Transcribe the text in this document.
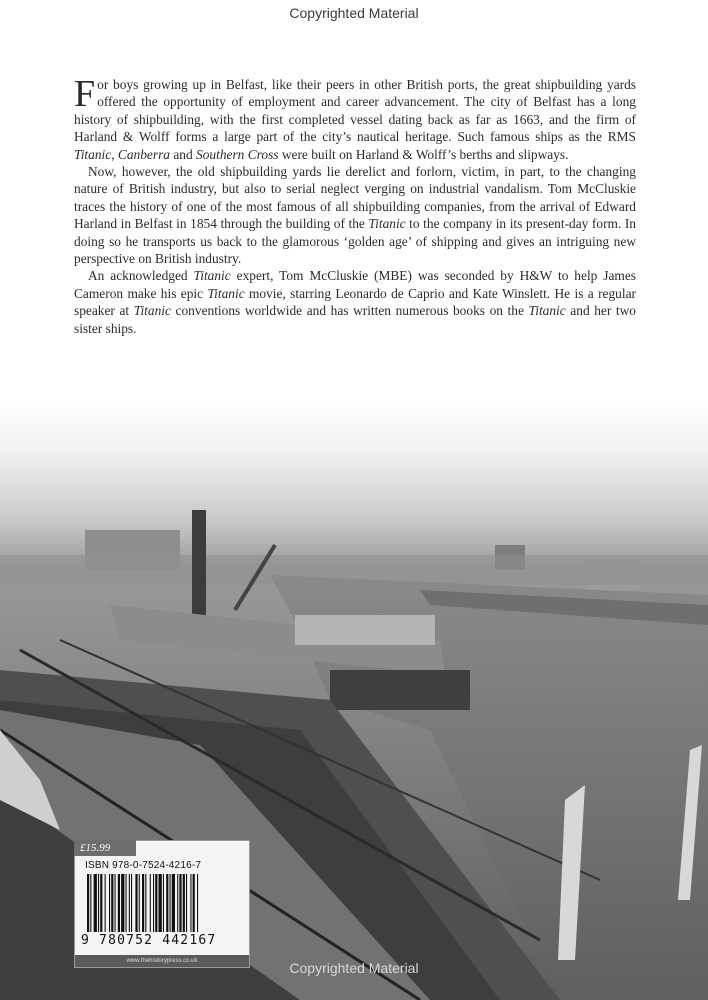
Copyrighted Material

For boys growing up in Belfast, like their peers in other British ports, the great shipbuilding yards offered the opportunity of employment and career advancement. The city of Belfast has a long history of shipbuilding, with the first completed vessel dating back as far as 1663, and the firm of Harland & Wolff forms a large part of the city’s nautical heritage. Such famous ships as the RMS Titanic, Canberra and Southern Cross were built on Harland & Wolff’s berths and slipways.

Now, however, the old shipbuilding yards lie derelict and forlorn, victim, in part, to the changing nature of British industry, but also to serial neglect verging on industrial vandalism. Tom McCluskie traces the history of one of the most famous of all shipbuilding companies, from the arrival of Edward Harland in Belfast in 1854 through the building of the Titanic to the company in its present-day form. In doing so he transports us back to the glamorous ‘golden age’ of shipping and gives an intriguing new perspective on British industry.

An acknowledged Titanic expert, Tom McCluskie (MBE) was seconded by H&W to help James Cameron make his epic Titanic movie, starring Leonardo de Caprio and Kate Winslett. He is a regular speaker at Titanic conventions worldwide and has written numerous books on the Titanic and her two sister ships.

£15.99
ISBN 978-0-7524-4216-7
9 780752 442167
www.thehistorypress.co.uk	Copyrighted Material
